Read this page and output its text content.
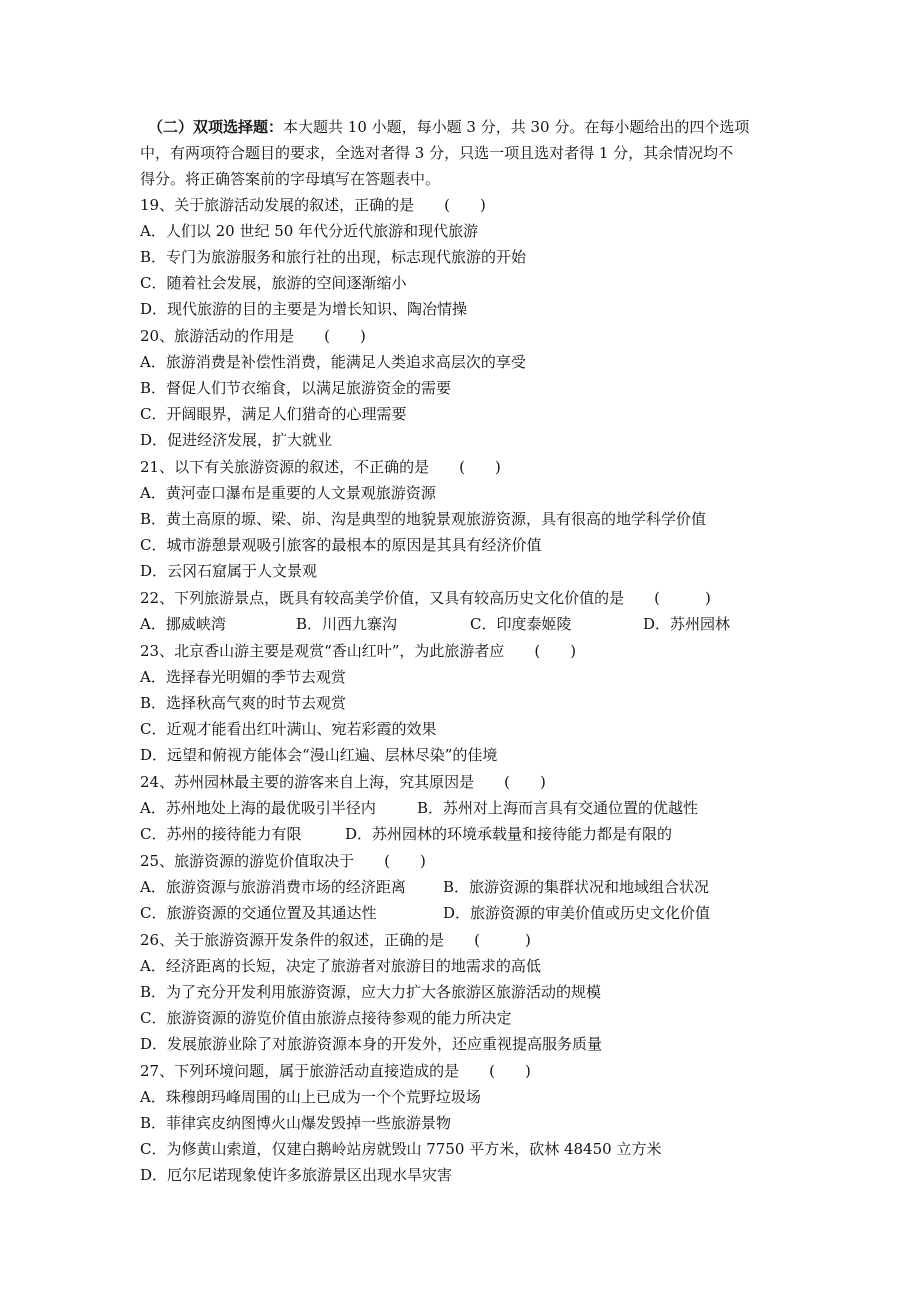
（二）双项选择题：本大题共 10 小题，每小题 3 分，共 30 分。在每小题给出的四个选项
中，有两项符合题目的要求，全选对者得 3 分，只选一项且选对者得 1 分，其余情况均不
得分。将正确答案前的字母填写在答题表中。
19、关于旅游活动发展的叙述，正确的是　　(　　)
A．人们以 20 世纪 50 年代分近代旅游和现代旅游
B．专门为旅游服务和旅行社的出现，标志现代旅游的开始
C．随着社会发展，旅游的空间逐渐缩小
D．现代旅游的目的主要是为增长知识、陶冶情操
20、旅游活动的作用是　　(　　)
A．旅游消费是补偿性消费，能满足人类追求高层次的享受
B．督促人们节衣缩食，以满足旅游资金的需要
C．开阔眼界，满足人们猎奇的心理需要
D．促进经济发展，扩大就业
21、以下有关旅游资源的叙述，不正确的是　　(　　)
A．黄河壶口瀑布是重要的人文景观旅游资源
B．黄土高原的塬、梁、峁、沟是典型的地貌景观旅游资源，具有很高的地学科学价值
C．城市游憩景观吸引旅客的最根本的原因是其具有经济价值
D．云冈石窟属于人文景观
22、下列旅游景点，既具有较高美学价值，又具有较高历史文化价值的是　　(　　　)
A．挪威峡湾	B．川西九寨沟	C．印度泰姬陵	D．苏州园林
23、北京香山游主要是观赏“香山红叶”，为此旅游者应　　(　　)
A．选择春光明媚的季节去观赏
B．选择秋高气爽的时节去观赏
C．近观才能看出红叶满山、宛若彩霞的效果
D．远望和俯视方能体会“漫山红遍、层林尽染”的佳境
24、苏州园林最主要的游客来自上海，究其原因是　　(　　)
A．苏州地处上海的最优吸引半径内	B．苏州对上海而言具有交通位置的优越性
C．苏州的接待能力有限	D．苏州园林的环境承载量和接待能力都是有限的
25、旅游资源的游览价值取决于　　(　　)
A．旅游资源与旅游消费市场的经济距离 B．旅游资源的集群状况和地域组合状况
C．旅游资源的交通位置及其通达性	D．旅游资源的审美价值或历史文化价值
26、关于旅游资源开发条件的叙述，正确的是　　(　　　)
A．经济距离的长短，决定了旅游者对旅游目的地需求的高低
B．为了充分开发利用旅游资源，应大力扩大各旅游区旅游活动的规模
C．旅游资源的游览价值由旅游点接待参观的能力所决定
D．发展旅游业除了对旅游资源本身的开发外，还应重视提高服务质量
27、下列环境问题，属于旅游活动直接造成的是　　(　　)
A．珠穆朗玛峰周围的山上已成为一个个荒野垃圾场
B．菲律宾皮纳图博火山爆发毁掉一些旅游景物
C．为修黄山索道，仅建白鹅岭站房就毁山 7750 平方米，砍林 48450 立方米
D．厄尔尼诺现象使许多旅游景区出现水旱灾害
